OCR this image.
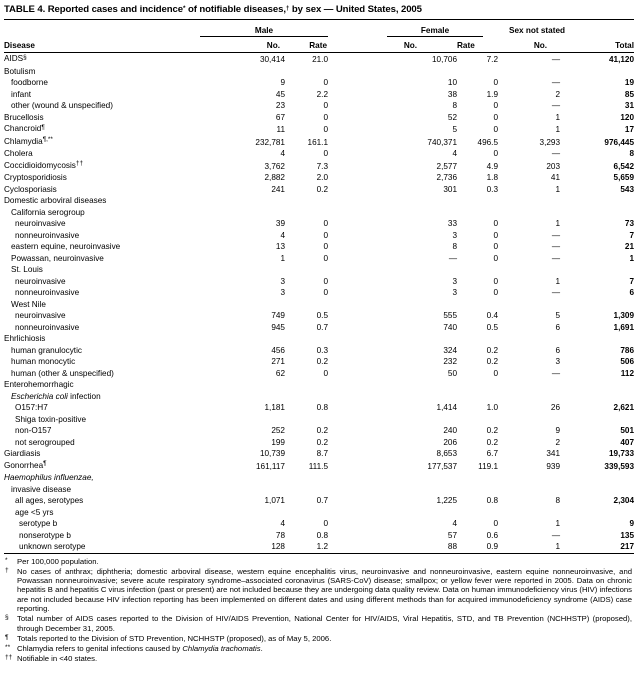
TABLE 4. Reported cases and incidence* of notifiable diseases,† by sex — United States, 2005

Male	Female	Sex not stated	
Disease	No.	Rate	No.	Rate	No.	Total
AIDS§	30,414	21.0	10,706	7.2	—	41,120
Botulism						
foodborne	9	0	10	0	—	19
infant	45	2.2	38	1.9	2	85
other (wound & unspecified)	23	0	8	0	—	31
Brucellosis	67	0	52	0	1	120
Chancroid¶	11	0	5	0	1	17
Chlamydia¶,**	232,781	161.1	740,371	496.5	3,293	976,445
Cholera	4	0	4	0	—	8
Coccidioidomycosis††	3,762	7.3	2,577	4.9	203	6,542
Cryptosporidiosis	2,882	2.0	2,736	1.8	41	5,659
Cyclosporiasis	241	0.2	301	0.3	1	543
Domestic arboviral diseases						
California serogroup						
neuroinvasive	39	0	33	0	1	73
nonneuroinvasive	4	0	3	0	—	7
eastern equine, neuroinvasive	13	0	8	0	—	21
Powassan, neuroinvasive	1	0	—	0	—	1
St. Louis						
neuroinvasive	3	0	3	0	1	7
nonneuroinvasive	3	0	3	0	—	6
West Nile						
neuroinvasive	749	0.5	555	0.4	5	1,309
nonneuroinvasive	945	0.7	740	0.5	6	1,691
Ehrlichiosis						
human granulocytic	456	0.3	324	0.2	6	786
human monocytic	271	0.2	232	0.2	3	506
human (other & unspecified)	62	0	50	0	—	112
Enterohemorrhagic						
Escherichia coli infection						
O157:H7	1,181	0.8	1,414	1.0	26	2,621
Shiga toxin-positive						
non-O157	252	0.2	240	0.2	9	501
not serogrouped	199	0.2	206	0.2	2	407
Giardiasis	10,739	8.7	8,653	6.7	341	19,733
Gonorrhea¶	161,117	111.5	177,537	119.1	939	339,593
Haemophilus influenzae,						
invasive disease						
all ages, serotypes	1,071	0.7	1,225	0.8	8	2,304
age <5 yrs						
serotype b	4	0	4	0	1	9
nonserotype b	78	0.8	57	0.6	—	135
unknown serotype	128	1.2	88	0.9	1	217
* Per 100,000 population.
† No cases of anthrax; diphtheria; domestic arboviral disease, western equine encephalitis virus, neuroinvasive and nonneuroinvasive, eastern equine nonneuroinvasive, and Powassan nonneuroinvasive; severe acute respiratory syndrome–associated coronavirus (SARS-CoV) disease; smallpox; or yellow fever were reported in 2005. Data on chronic hepatitis B and hepatitis C virus infection (past or present) are not included because they are undergoing data quality review. Data on human immunodeficiency virus (HIV) infections are not included because HIV infection reporting has been implemented on different dates and using different methods than for acquired immunodeficiency syndrome (AIDS) case reporting.
§ Total number of AIDS cases reported to the Division of HIV/AIDS Prevention, National Center for HIV/AIDS, Viral Hepatitis, STD, and TB Prevention (NCHHSTP) (proposed), through December 31, 2005.
¶ Totals reported to the Division of STD Prevention, NCHHSTP (proposed), as of May 5, 2006.
** Chlamydia refers to genital infections caused by Chlamydia trachomatis.
†† Notifiable in <40 states.
